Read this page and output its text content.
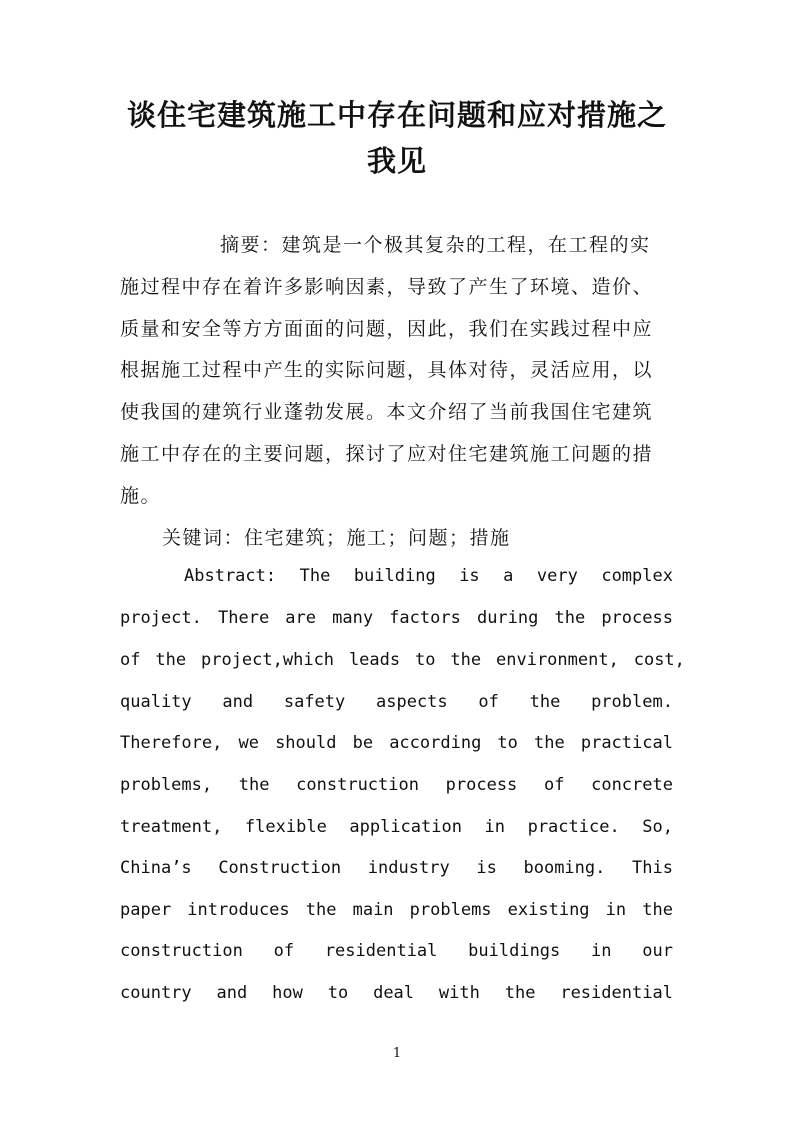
谈住宅建筑施工中存在问题和应对措施之
我见
摘要：建筑是一个极其复杂的工程，在工程的实
施过程中存在着许多影响因素，导致了产生了环境、造价、
质量和安全等方方面面的问题，因此，我们在实践过程中应
根据施工过程中产生的实际问题，具体对待，灵活应用，以
使我国的建筑行业蓬勃发展。本文介绍了当前我国住宅建筑
施工中存在的主要问题，探讨了应对住宅建筑施工问题的措
施。
关键词：住宅建筑；施工；问题；措施
Abstract: The building is a very complex
project. There are many factors during the process
of the project,which leads to the environment, cost,
quality and safety aspects of the problem.
Therefore, we should be according to the practical
problems, the construction process of concrete
treatment, flexible application in practice. So,
China’s Construction industry is booming. This
paper introduces the main problems existing in the
construction of residential buildings in our
country and how to deal with the residential
1
